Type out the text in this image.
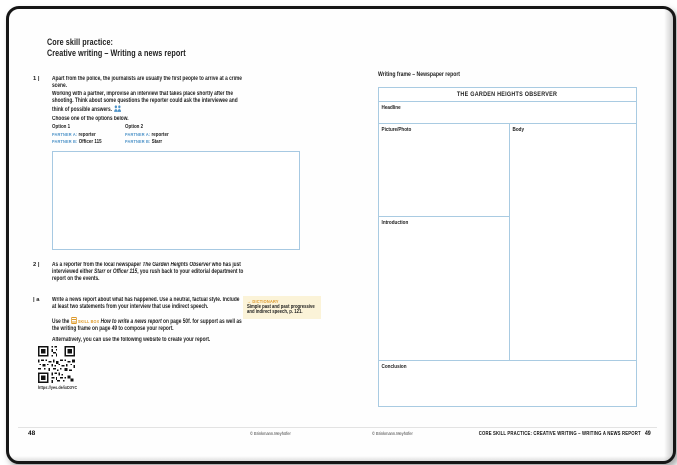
Core skill practice:
Creative writing – Writing a news report
1 | Apart from the police, the journalists are usually the first people to arrive at a crime scene.
Working with a partner, improvise an interview that takes place shortly after the shooting. Think about some questions the reporter could ask the interviewee and think of possible answers.
Choose one of the options below.
Option 1
PARTNER A: reporter
PARTNER B: Officer 115
Option 2
PARTNER A: reporter
PARTNER B: Starr
2 | As a reporter from the local newspaper The Garden Heights Observer who has just interviewed either Starr or Officer 115, you rush back to your editorial department to report on the events.
| a Write a news report about what has happened. Use a neutral, factual style. Include at least two statements from your interview that use indirect speech.
Use the SKILL BOX How to write a news report on page 50f. for support as well as the writing frame on page 49 to compose your report.
Alternatively, you can use the following website to create your report.
https://yes.de/ixD3YC
→ DICTIONARY
Simple past and past progressive and indirect speech, p. 121.
48	© Brinkmann.Meyhöfer
Writing frame – Newspaper report
THE GARDEN HEIGHTS OBSERVER
Headline
Picture/Photo
Introduction
Body
Conclusion
© Brinkmann.Meyhöfer	CORE SKILL PRACTICE: CREATIVE WRITING – WRITING A NEWS REPORT 49
